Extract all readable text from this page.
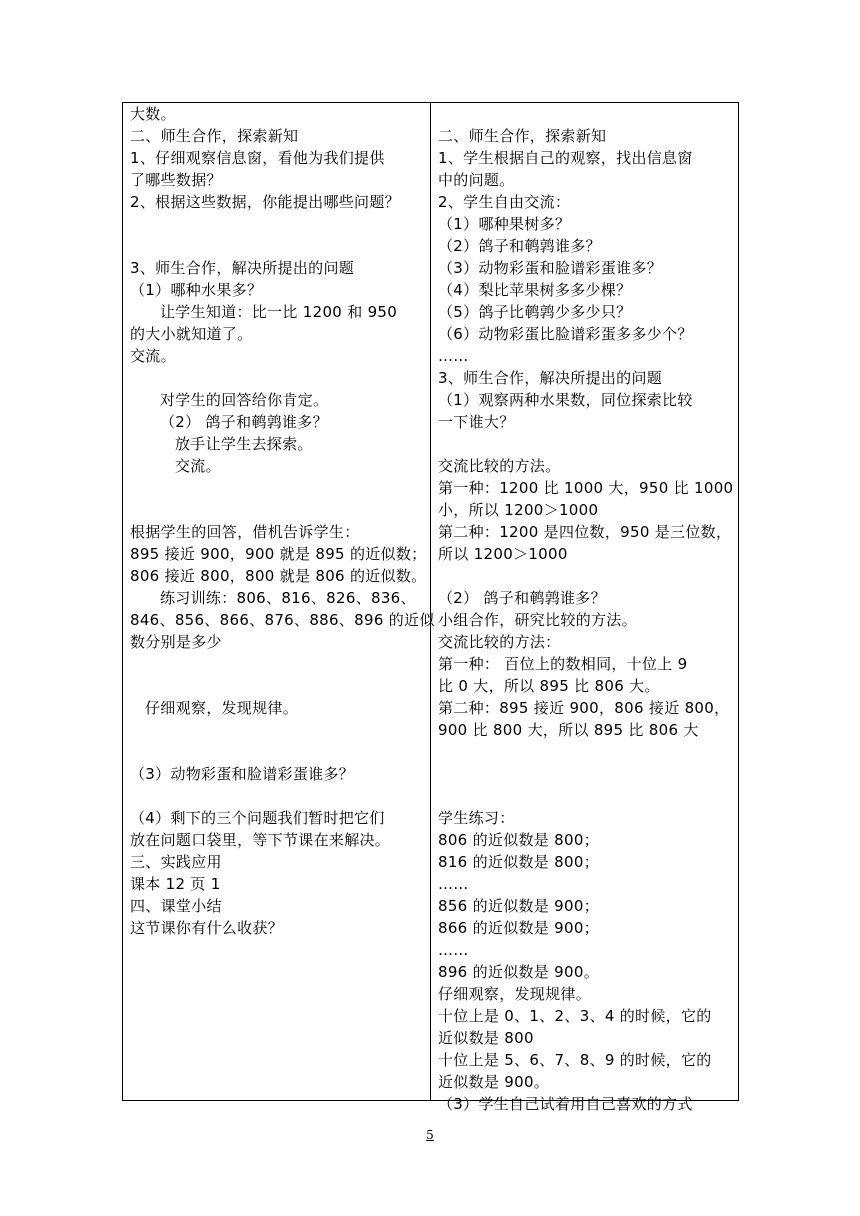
大数。
二、师生合作，探索新知
1、仔细观察信息窗，看他为我们提供
了哪些数据？
2、根据这些数据，你能提出哪些问题？
3、师生合作，解决所提出的问题
（1）哪种水果多？
让学生知道：比一比 1200 和 950
的大小就知道了。
交流。
对学生的回答给你肯定。
（2） 鸽子和鹌鹑谁多？
放手让学生去探索。
交流。
根据学生的回答，借机告诉学生：
895 接近 900，900 就是 895 的近似数；
806 接近 800，800 就是 806 的近似数。
练习训练：806、816、826、836、
846、856、866、876、886、896 的近似
数分别是多少
仔细观察，发现规律。
（3）动物彩蛋和脸谱彩蛋谁多？
（4）剩下的三个问题我们暂时把它们
放在问题口袋里，等下节课在来解决。
三、实践应用
课本 12 页 1
四、课堂小结
这节课你有什么收获？
二、师生合作，探索新知
1、学生根据自己的观察，找出信息窗
中的问题。
2、学生自由交流：
（1）哪种果树多？
（2）鸽子和鹌鹑谁多？
（3）动物彩蛋和脸谱彩蛋谁多？
（4）梨比苹果树多多少棵？
（5）鸽子比鹌鹑少多少只？
（6）动物彩蛋比脸谱彩蛋多多少个？
……
3、师生合作，解决所提出的问题
（1）观察两种水果数，同位探索比较
一下谁大？
交流比较的方法。
第一种：1200 比 1000 大，950 比 1000
小，所以 1200＞1000
第二种：1200 是四位数，950 是三位数，
所以 1200＞1000
（2） 鸽子和鹌鹑谁多？
小组合作，研究比较的方法。
交流比较的方法：
第一种： 百位上的数相同，十位上 9
比 0 大，所以 895 比 806 大。
第二种：895 接近 900，806 接近 800，
900 比 800 大，所以 895 比 806 大
学生练习：
806 的近似数是 800；
816 的近似数是 800；
……
856 的近似数是 900；
866 的近似数是 900；
……
896 的近似数是 900。
仔细观察，发现规律。
十位上是 0、1、2、3、4 的时候，它的
近似数是 800
十位上是 5、6、7、8、9 的时候，它的
近似数是 900。
（3）学生自己试着用自己喜欢的方式
5
